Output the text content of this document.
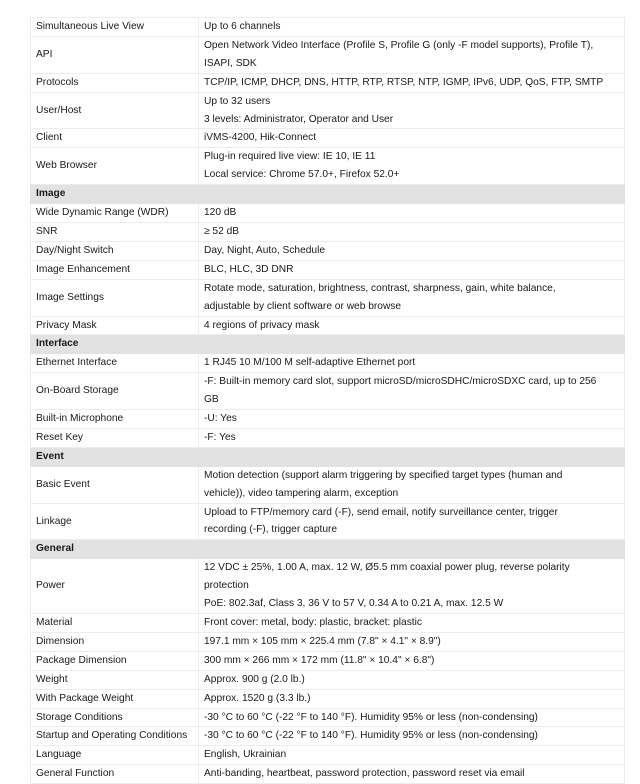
Simultaneous Live View	Up to 6 channels

API	Open Network Video Interface (Profile S, Profile G (only -F model supports), Profile T),
ISAPI, SDK

Protocols	TCP/IP, ICMP, DHCP, DNS, HTTP, RTP, RTSP, NTP, IGMP, IPv6, UDP, QoS, FTP, SMTP

User/Host	Up to 32 users
3 levels: Administrator, Operator and User

Client	iVMS-4200, Hik-Connect

Web Browser	Plug-in required live view: IE 10, IE 11
Local service: Chrome 57.0+, Firefox 52.0+

Image	
Wide Dynamic Range (WDR)	120 dB

SNR	≥ 52 dB

Day/Night Switch	Day, Night, Auto, Schedule

Image Enhancement	BLC, HLC, 3D DNR

Image Settings	Rotate mode, saturation, brightness, contrast, sharpness, gain, white balance,
adjustable by client software or web browse

Privacy Mask	4 regions of privacy mask

Interface	
Ethernet Interface	1 RJ45 10 M/100 M self-adaptive Ethernet port

On-Board Storage	-F: Built-in memory card slot, support microSD/microSDHC/microSDXC card, up to 256
GB

Built-in Microphone	-U: Yes

Reset Key	-F: Yes

Event	
Basic Event	Motion detection (support alarm triggering by specified target types (human and
vehicle)), video tampering alarm, exception

Linkage	Upload to FTP/memory card (-F), send email, notify surveillance center, trigger
recording (-F), trigger capture

General	
Power	12 VDC ± 25%, 1.00 A, max. 12 W, Ø5.5 mm coaxial power plug, reverse polarity
protection
PoE: 802.3af, Class 3, 36 V to 57 V, 0.34 A to 0.21 A, max. 12.5 W

Material	Front cover: metal, body: plastic, bracket: plastic

Dimension	197.1 mm × 105 mm × 225.4 mm (7.8" × 4.1" × 8.9")

Package Dimension	300 mm × 266 mm × 172 mm (11.8" × 10.4" × 6.8")

Weight	Approx. 900 g (2.0 lb.)

With Package Weight	Approx. 1520 g (3.3 lb.)

Storage Conditions	-30 °C to 60 °C (-22 °F to 140 °F). Humidity 95% or less (non-condensing)

Startup and Operating Conditions	-30 °C to 60 °C (-22 °F to 140 °F). Humidity 95% or less (non-condensing)

Language	English, Ukrainian

General Function	Anti-banding, heartbeat, password protection, password reset via email
